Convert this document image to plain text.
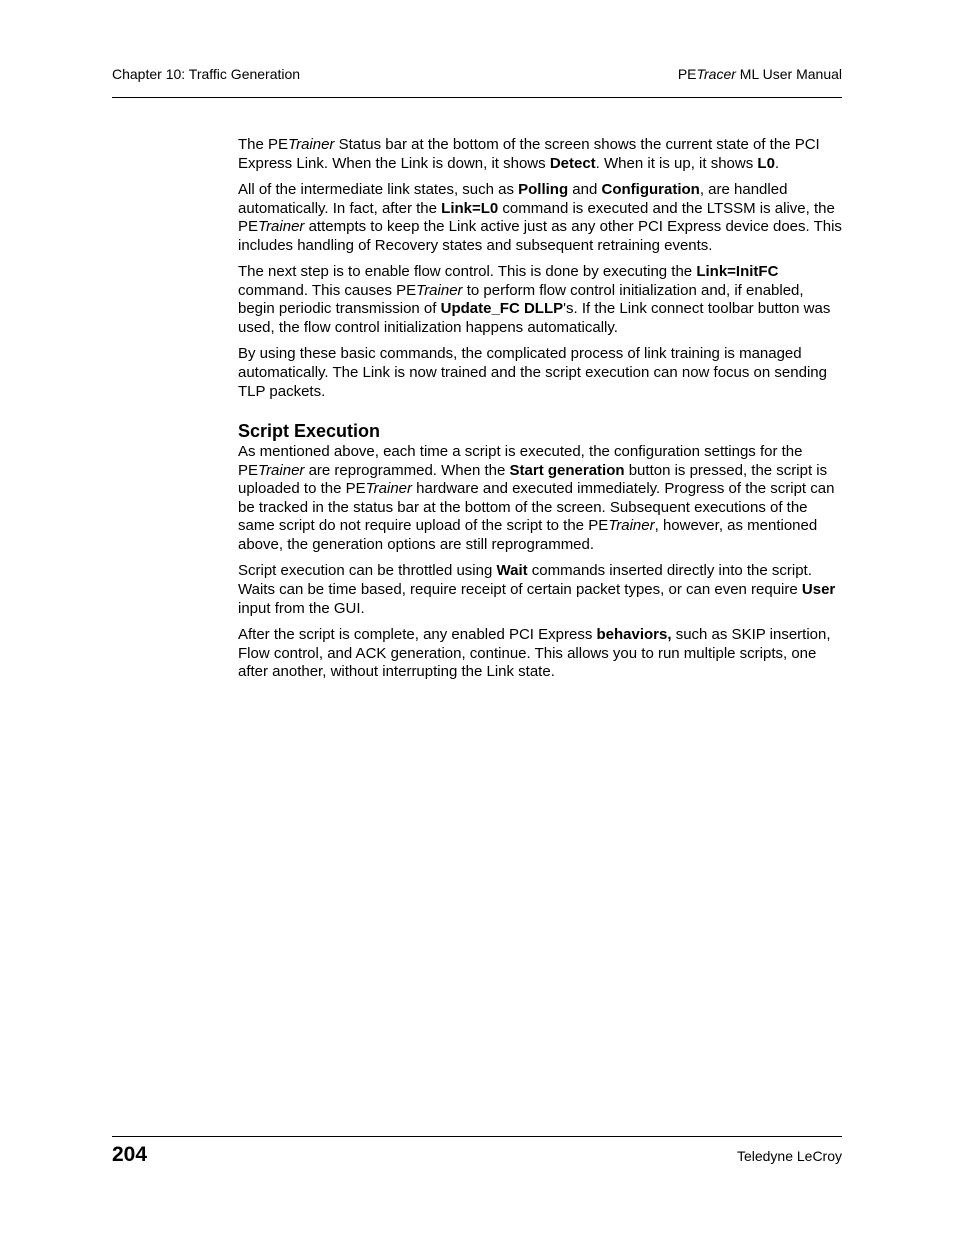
Chapter 10: Traffic Generation	PETracer ML User Manual

The PETrainer Status bar at the bottom of the screen shows the current state of the PCI Express Link. When the Link is down, it shows Detect. When it is up, it shows L0.

All of the intermediate link states, such as Polling and Configuration, are handled automatically. In fact, after the Link=L0 command is executed and the LTSSM is alive, the PETrainer attempts to keep the Link active just as any other PCI Express device does. This includes handling of Recovery states and subsequent retraining events.

The next step is to enable flow control. This is done by executing the Link=InitFC command. This causes PETrainer to perform flow control initialization and, if enabled, begin periodic transmission of Update_FC DLLP's. If the Link connect toolbar button was used, the flow control initialization happens automatically.

By using these basic commands, the complicated process of link training is managed automatically. The Link is now trained and the script execution can now focus on sending TLP packets.

Script Execution

As mentioned above, each time a script is executed, the configuration settings for the PETrainer are reprogrammed. When the Start generation button is pressed, the script is uploaded to the PETrainer hardware and executed immediately. Progress of the script can be tracked in the status bar at the bottom of the screen. Subsequent executions of the same script do not require upload of the script to the PETrainer, however, as mentioned above, the generation options are still reprogrammed.

Script execution can be throttled using Wait commands inserted directly into the script. Waits can be time based, require receipt of certain packet types, or can even require User input from the GUI.

After the script is complete, any enabled PCI Express behaviors, such as SKIP insertion, Flow control, and ACK generation, continue. This allows you to run multiple scripts, one after another, without interrupting the Link state.

204	Teledyne LeCroy
